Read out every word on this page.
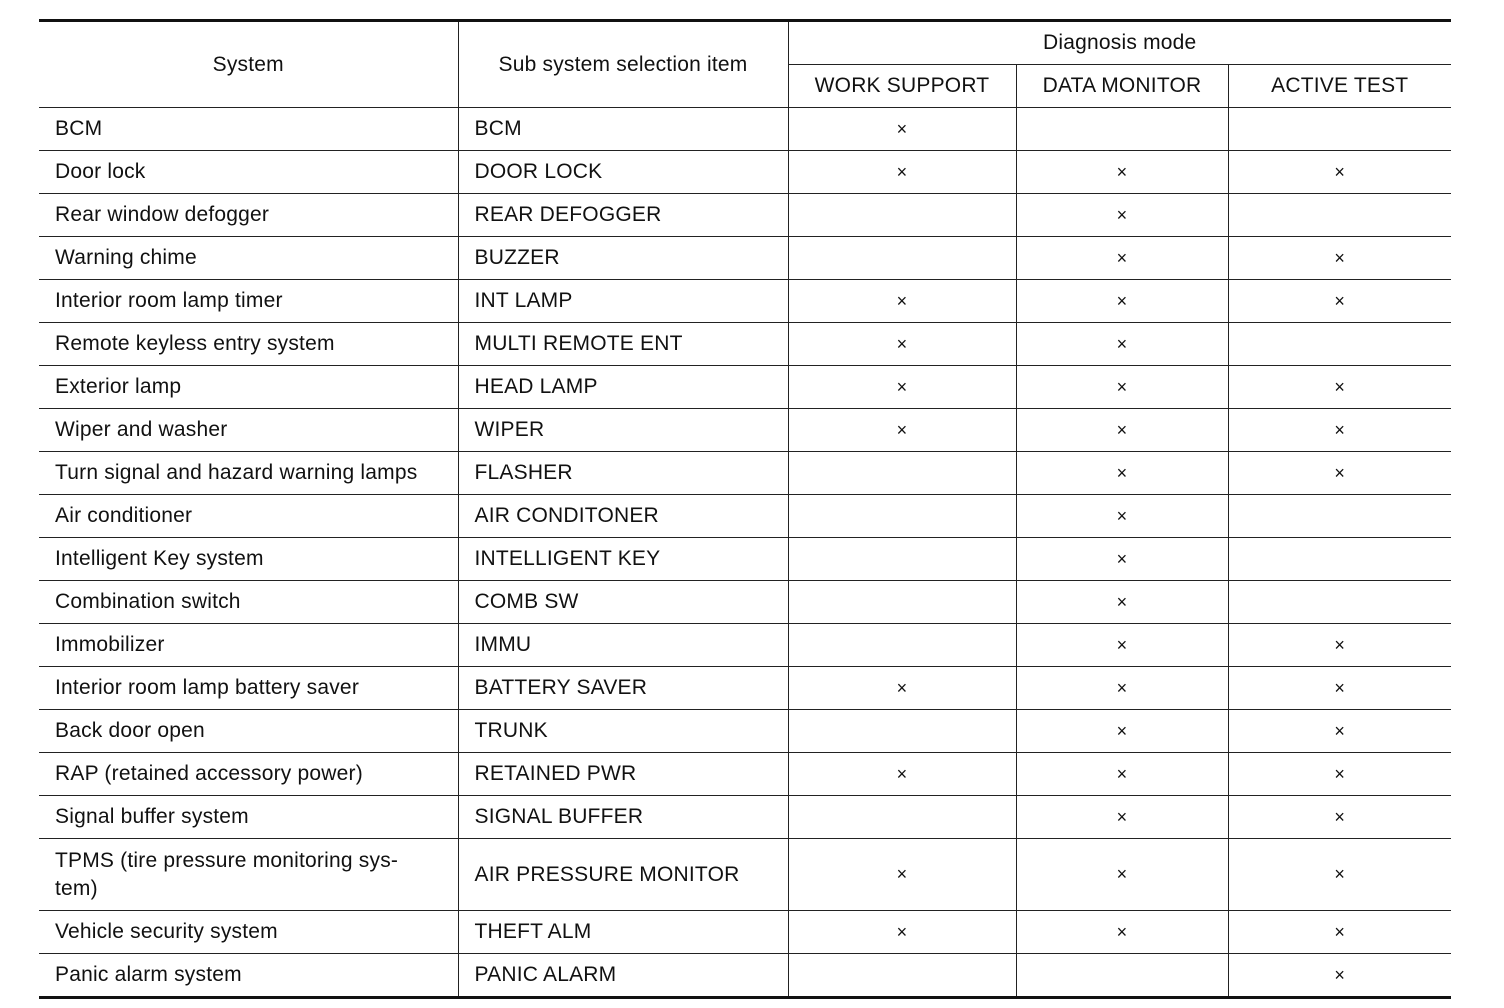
System	Sub system selection item	Diagnosis mode		
		WORK SUPPORT	DATA MONITOR	ACTIVE TEST
BCM	BCM	×		
Door lock	DOOR LOCK	×	×	×
Rear window defogger	REAR DEFOGGER		×	
Warning chime	BUZZER		×	×
Interior room lamp timer	INT LAMP	×	×	×
Remote keyless entry system	MULTI REMOTE ENT	×	×	
Exterior lamp	HEAD LAMP	×	×	×
Wiper and washer	WIPER	×	×	×
Turn signal and hazard warning lamps	FLASHER		×	×
Air conditioner	AIR CONDITONER		×	
Intelligent Key system	INTELLIGENT KEY		×	
Combination switch	COMB SW		×	
Immobilizer	IMMU		×	×
Interior room lamp battery saver	BATTERY SAVER	×	×	×
Back door open	TRUNK		×	×
RAP (retained accessory power)	RETAINED PWR	×	×	×
Signal buffer system	SIGNAL BUFFER		×	×
TPMS (tire pressure monitoring sys-tem)	AIR PRESSURE MONITOR	×	×	×
Vehicle security system	THEFT ALM	×	×	×
Panic alarm system	PANIC ALARM			×
